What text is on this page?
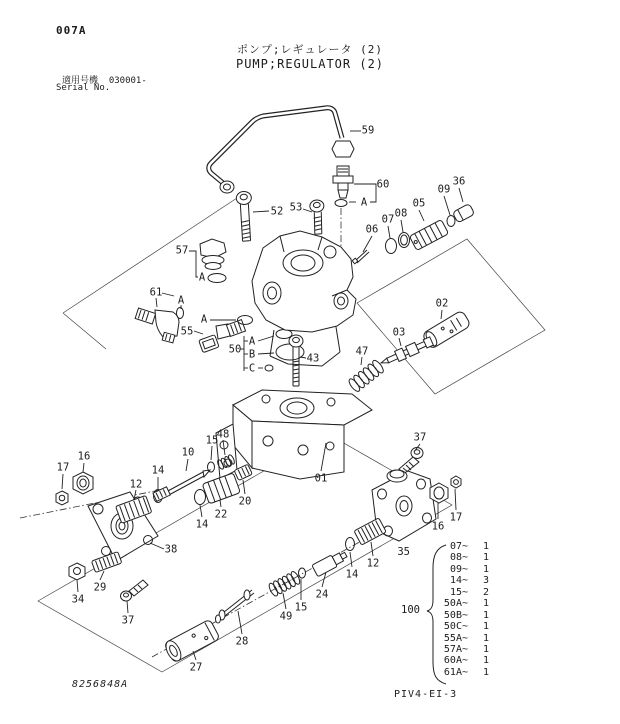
007A
ポンプ;レギュレータ (2)
PUMP;REGULATOR (2)
適用号機  030001-
Serial No.
8256848A
PIV4-EI-3
35
100
07~	1
08~	1
09~	1
14~	3
15~	2
50A~	1
50B~	1
50C~	1
55A~	1
57A~	1
60A~	1
61A~	1
59
60
A
52 53
57
A
61
A
A
55
50
A
B
C
06
07 08
05
09
36
02
03
47
43
01
37
16
17
12
14
24
15
49
28
27
38
29
34
37
12
14
10
15
48
20
22
14
16
17
